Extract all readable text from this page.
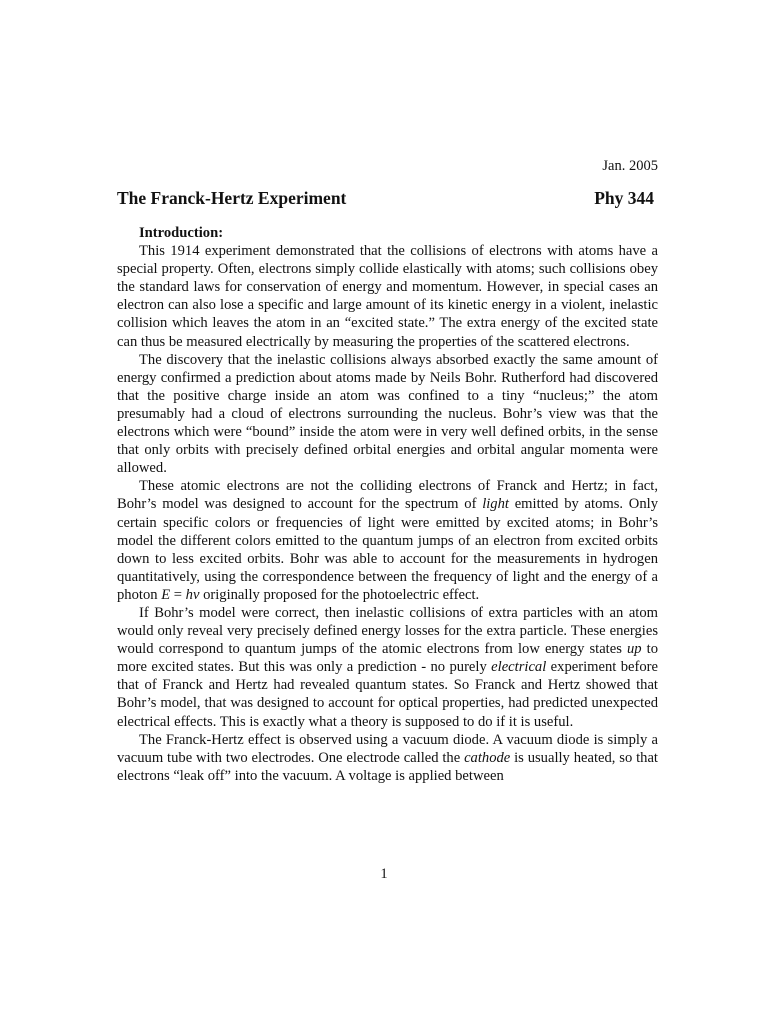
Jan. 2005
The Franck-Hertz Experiment	Phy 344

Introduction:

This 1914 experiment demonstrated that the collisions of electrons with atoms have a special property. Often, electrons simply collide elastically with atoms; such collisions obey the standard laws for conservation of energy and momentum. However, in special cases an electron can also lose a specific and large amount of its kinetic energy in a violent, inelastic collision which leaves the atom in an “excited state.” The extra energy of the excited state can thus be measured electrically by measuring the properties of the scattered electrons.

The discovery that the inelastic collisions always absorbed exactly the same amount of energy confirmed a prediction about atoms made by Neils Bohr. Rutherford had discovered that the positive charge inside an atom was confined to a tiny “nucleus;” the atom presumably had a cloud of electrons surrounding the nucleus. Bohr’s view was that the electrons which were “bound” inside the atom were in very well defined orbits, in the sense that only orbits with precisely defined orbital energies and orbital angular momenta were allowed.

These atomic electrons are not the colliding electrons of Franck and Hertz; in fact, Bohr’s model was designed to account for the spectrum of light emitted by atoms. Only certain specific colors or frequencies of light were emitted by excited atoms; in Bohr’s model the different colors emitted to the quantum jumps of an electron from excited orbits down to less excited orbits. Bohr was able to account for the measurements in hydrogen quantitatively, using the correspondence between the frequency of light and the energy of a photon E = hν originally proposed for the photoelectric effect.

If Bohr’s model were correct, then inelastic collisions of extra particles with an atom would only reveal very precisely defined energy losses for the extra particle. These energies would correspond to quantum jumps of the atomic electrons from low energy states up to more excited states. But this was only a prediction - no purely electrical experiment before that of Franck and Hertz had revealed quantum states. So Franck and Hertz showed that Bohr’s model, that was designed to account for optical properties, had predicted unexpected electrical effects. This is exactly what a theory is supposed to do if it is useful.

The Franck-Hertz effect is observed using a vacuum diode. A vacuum diode is simply a vacuum tube with two electrodes. One electrode called the cathode is usually heated, so that electrons “leak off” into the vacuum. A voltage is applied between

1
